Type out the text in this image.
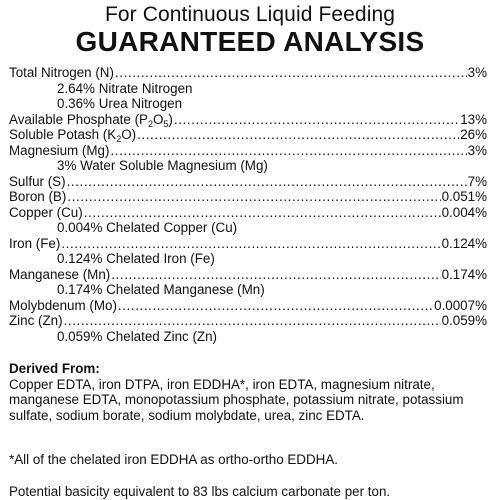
For Continuous Liquid Feeding
GUARANTEED ANALYSIS
Total Nitrogen (N) .....	3%
2.64% Nitrate Nitrogen
0.36% Urea Nitrogen
Available Phosphate $(P_2O_5)$ .....	13%
Soluble Potash $(K_2O)$ .....	26%
Magnesium (Mg) .....	3%
3% Water Soluble Magnesium (Mg)
Sulfur (S) .....	7%
Boron (B) .....	0.051%
Copper (Cu) .....	0.004%
0.004% Chelated Copper (Cu)
Iron (Fe) .....	0.124%
0.124% Chelated Iron (Fe)
Manganese (Mn) .....	0.174%
0.174% Chelated Manganese (Mn)
Molybdenum (Mo) .....	0.0007%
Zinc (Zn) .....	0.059%
0.059% Chelated Zinc (Zn)
Derived From:
Copper EDTA, iron DTPA, iron EDDHA*, iron EDTA, magnesium nitrate, manganese EDTA, monopotassium phosphate, potassium nitrate, potassium sulfate, sodium borate, sodium molybdate, urea, zinc EDTA.
*All of the chelated iron EDDHA as ortho-ortho EDDHA.
Potential basicity equivalent to 83 lbs calcium carbonate per ton.
